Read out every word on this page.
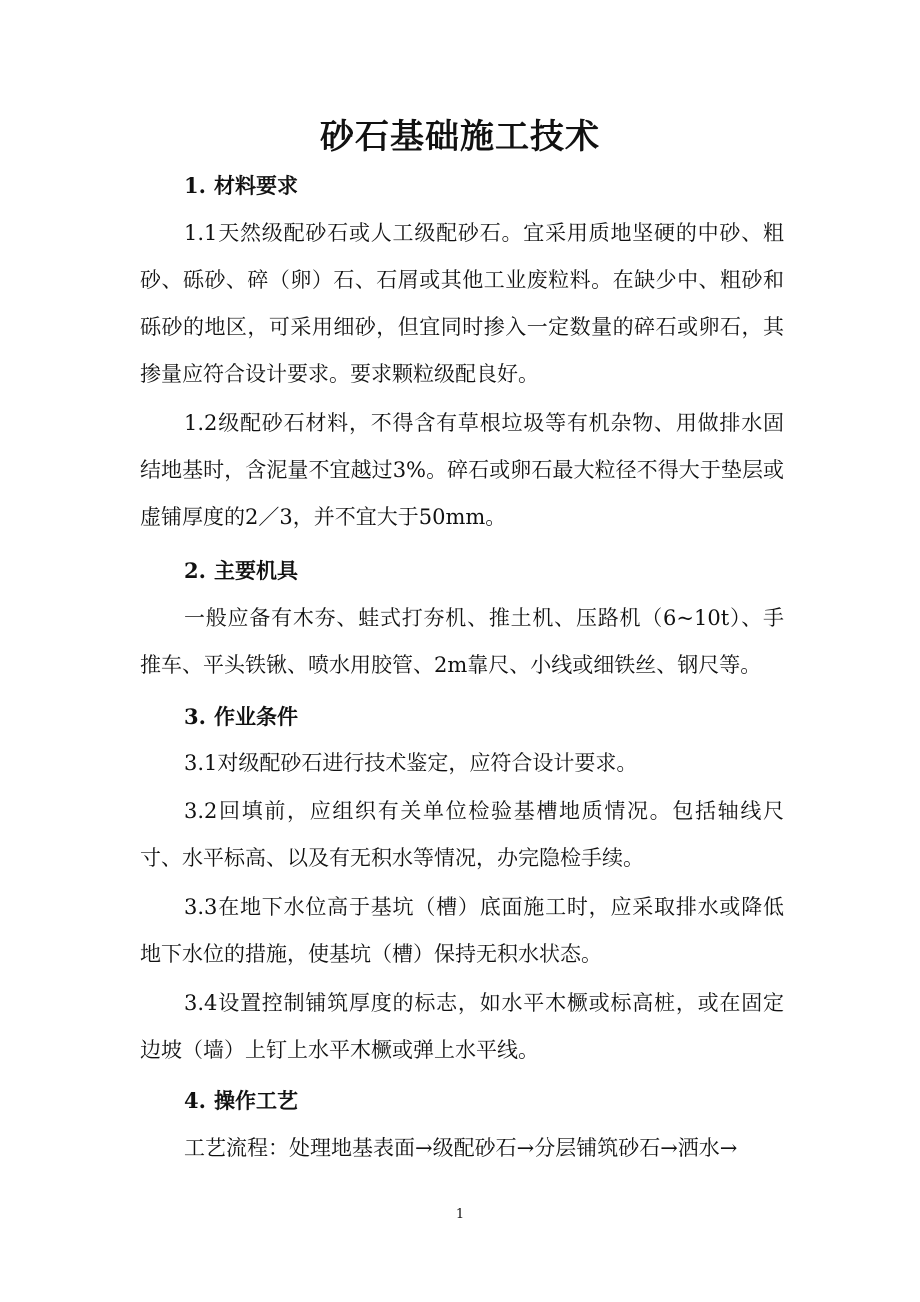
砂石基础施工技术
1. 材料要求
1.1天然级配砂石或人工级配砂石。宜采用质地坚硬的中砂、粗砂、砾砂、碎（卵）石、石屑或其他工业废粒料。在缺少中、粗砂和砾砂的地区，可采用细砂，但宜同时掺入一定数量的碎石或卵石，其掺量应符合设计要求。要求颗粒级配良好。
1.2级配砂石材料，不得含有草根垃圾等有机杂物、用做排水固结地基时，含泥量不宜越过3%。碎石或卵石最大粒径不得大于垫层或虚铺厚度的2／3，并不宜大于50mm。
2. 主要机具
一般应备有木夯、蛙式打夯机、推土机、压路机（6~10t）、手推车、平头铁锹、喷水用胶管、2m靠尺、小线或细铁丝、钢尺等。
3. 作业条件
3.1对级配砂石进行技术鉴定，应符合设计要求。
3.2回填前，应组织有关单位检验基槽地质情况。包括轴线尺寸、水平标高、以及有无积水等情况，办完隐检手续。
3.3在地下水位高于基坑（槽）底面施工时，应采取排水或降低地下水位的措施，使基坑（槽）保持无积水状态。
3.4设置控制铺筑厚度的标志，如水平木橛或标高桩，或在固定边坡（墙）上钉上水平木橛或弹上水平线。
4. 操作工艺
工艺流程：处理地基表面→级配砂石→分层铺筑砂石→洒水→
1
